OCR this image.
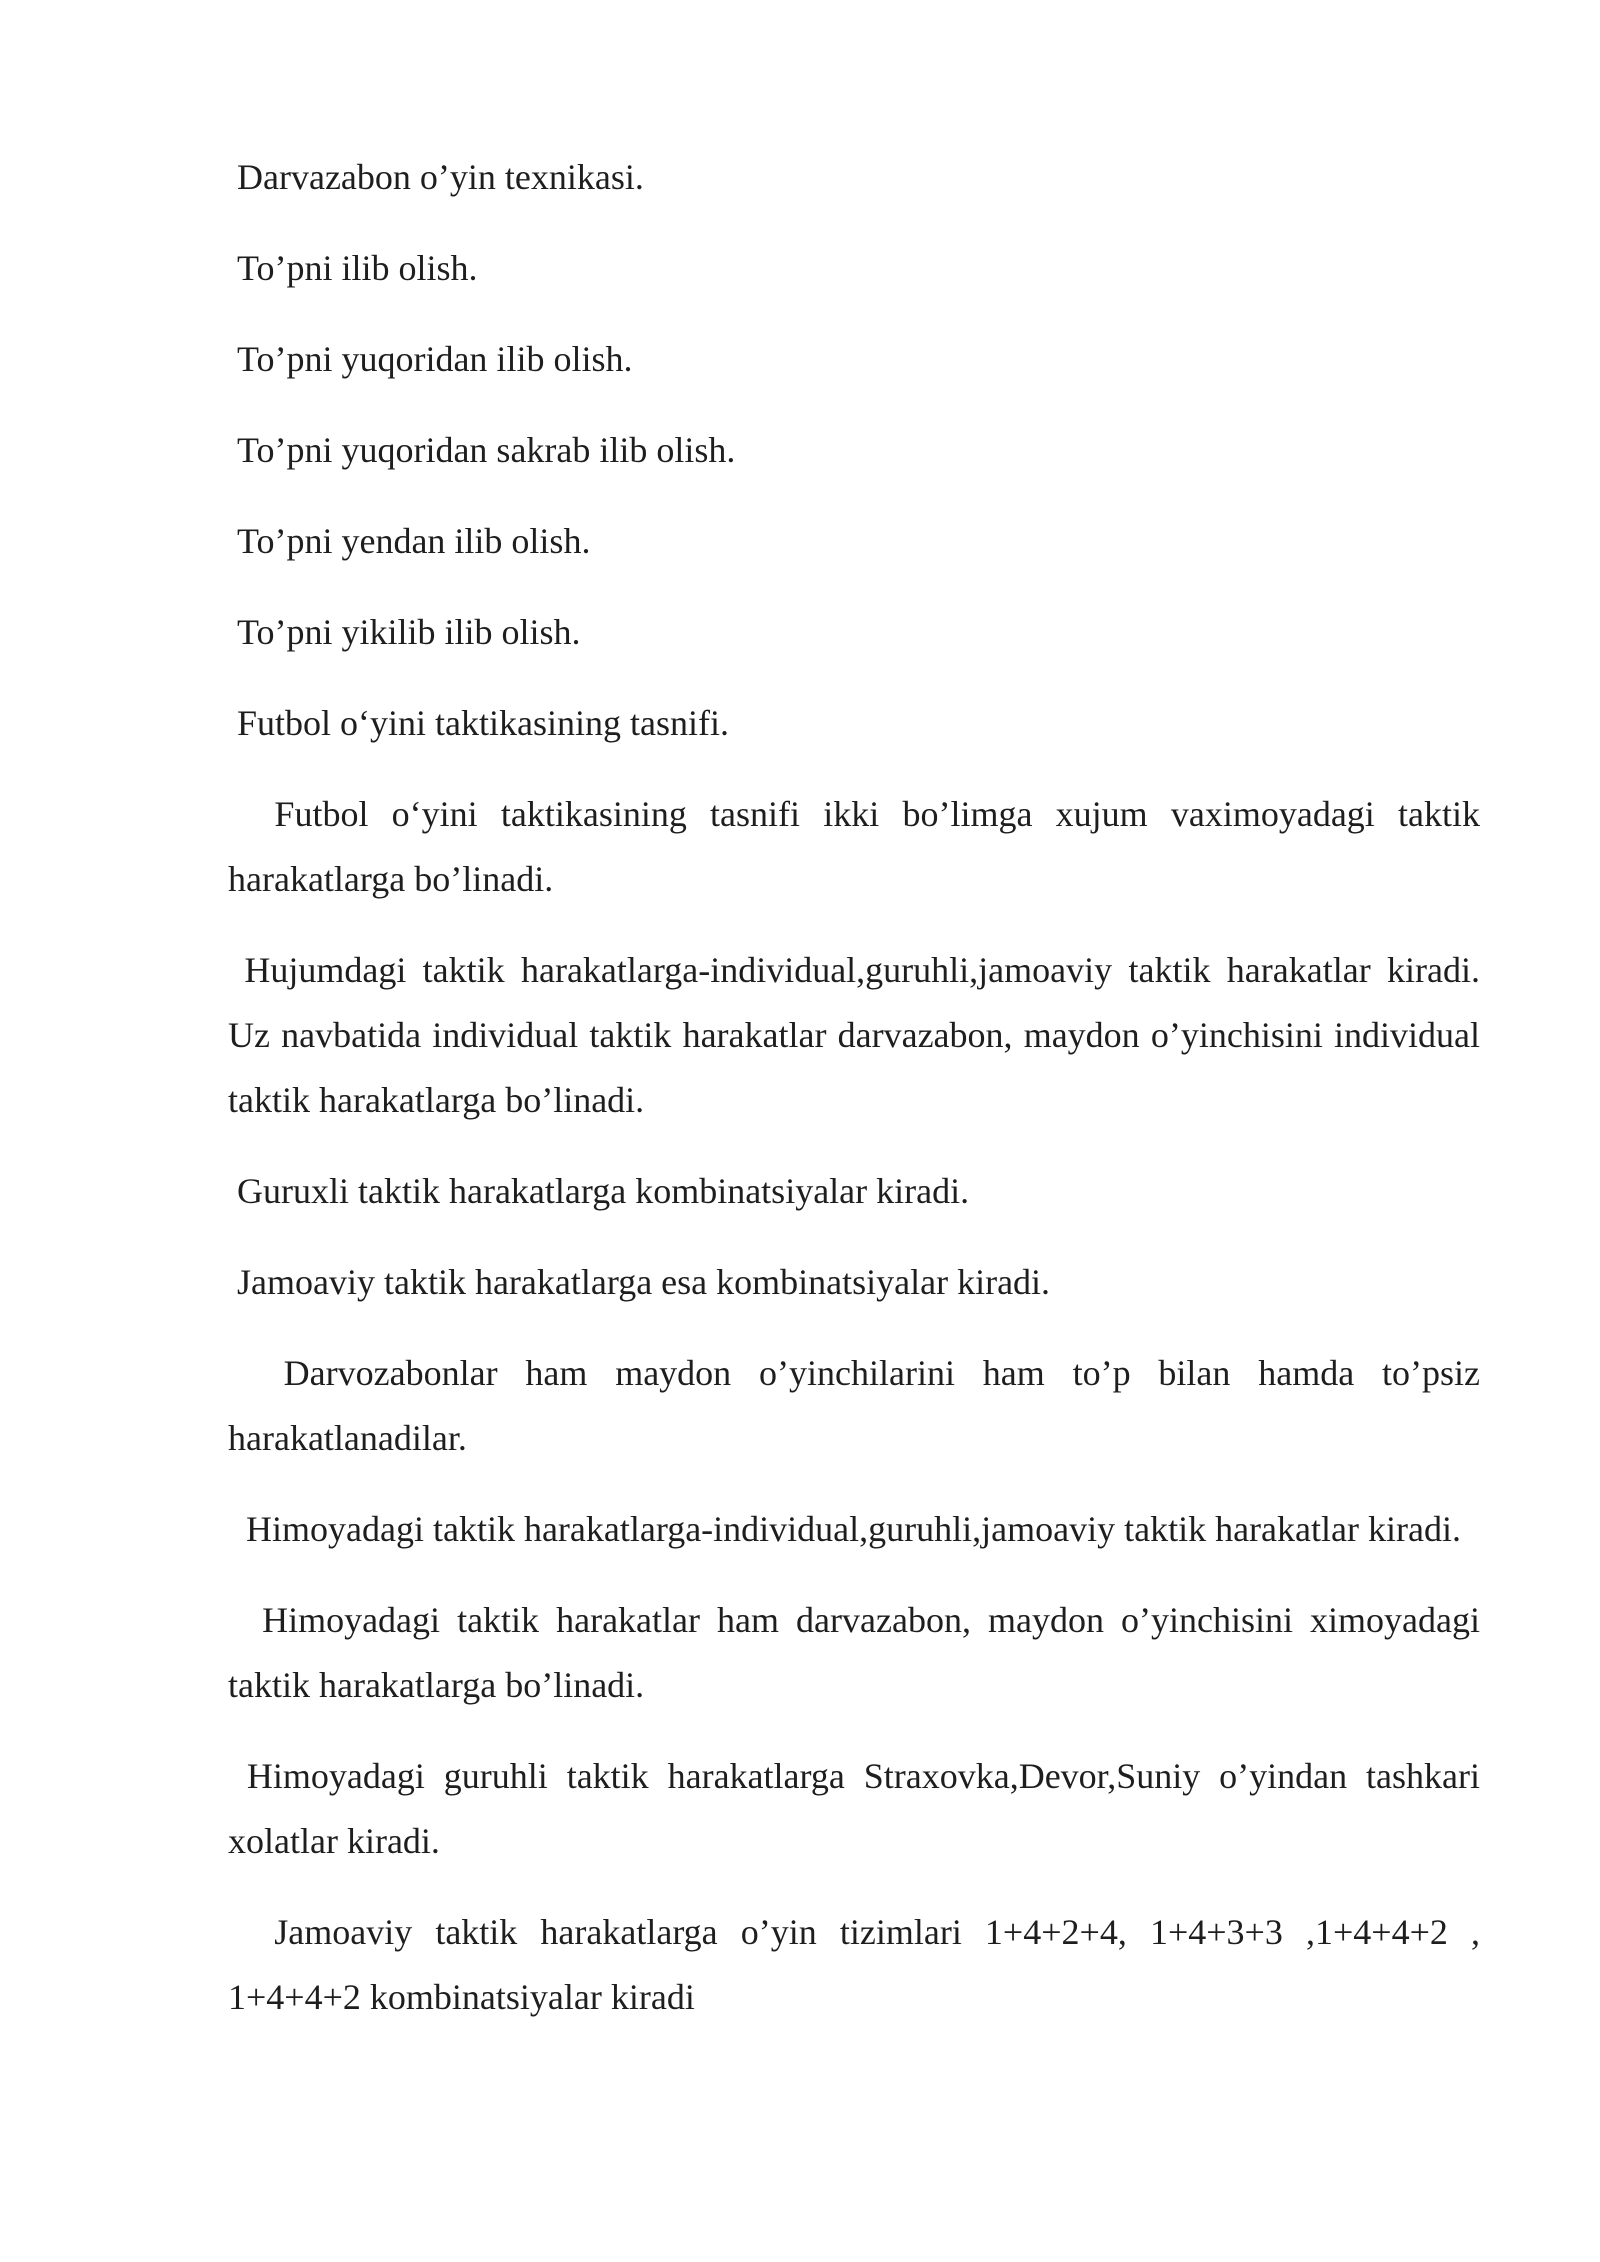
Darvazabon o’yin texnikasi.

To’pni ilib olish.

To’pni yuqoridan ilib olish.

To’pni yuqoridan sakrab ilib olish.

To’pni yendan ilib olish.

To’pni yikilib ilib olish.

Futbol o‘yini taktikasining tasnifi.

Futbol o‘yini taktikasining tasnifi ikki bo’limga xujum vaximoyadagi taktik harakatlarga bo’linadi.

Hujumdagi taktik harakatlarga-individual,guruhli,jamoaviy taktik harakatlar kiradi. Uz navbatida individual taktik harakatlar darvazabon, maydon o’yinchisini individual taktik harakatlarga bo’linadi.

Guruxli taktik harakatlarga kombinatsiyalar kiradi.

Jamoaviy taktik harakatlarga esa kombinatsiyalar kiradi.

Darvozabonlar ham maydon o’yinchilarini ham to’p bilan hamda to’psiz harakatlanadilar.

Himoyadagi taktik harakatlarga-individual,guruhli,jamoaviy taktik harakatlar kiradi.

Himoyadagi taktik harakatlar ham darvazabon, maydon o’yinchisini ximoyadagi taktik harakatlarga bo’linadi.

Himoyadagi guruhli taktik harakatlarga Straxovka,Devor,Suniy o’yindan tashkari xolatlar kiradi.

Jamoaviy taktik harakatlarga o’yin tizimlari 1+4+2+4, 1+4+3+3 ,1+4+4+2 , 1+4+4+2 kombinatsiyalar kiradi
